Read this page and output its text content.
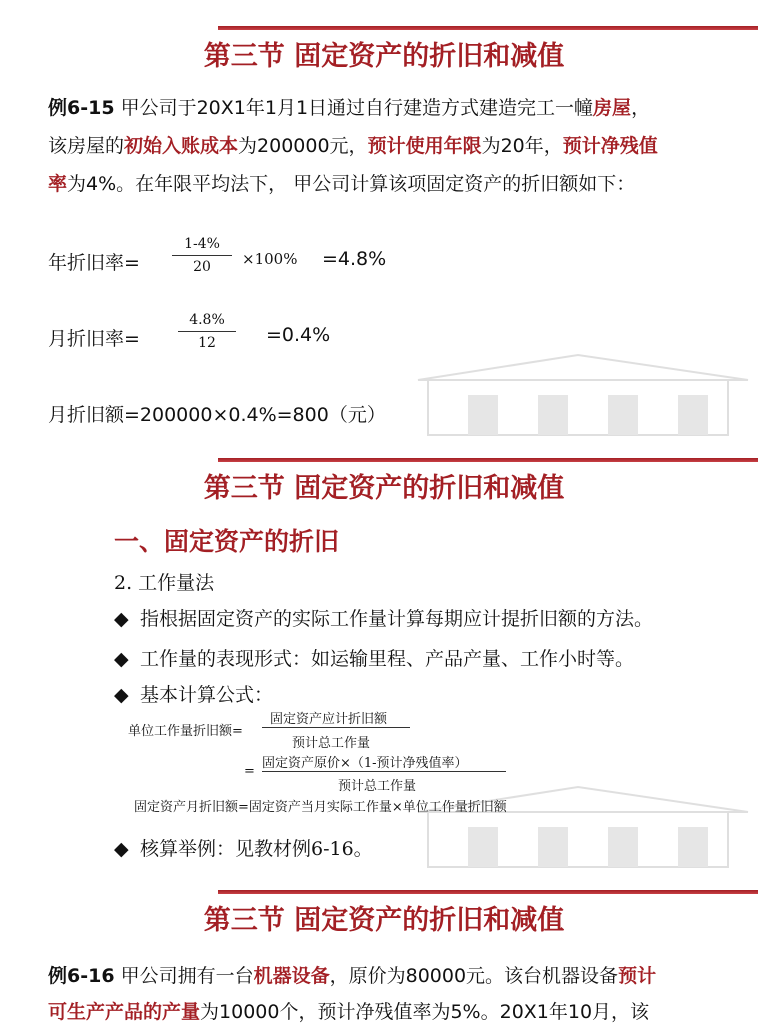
第三节 固定资产的折旧和减值
例6-15 甲公司于20X1年1月1日通过自行建造方式建造完工一幢房屋，
该房屋的初始入账成本为200000元，预计使用年限为20年，预计净残值
率为4%。在年限平均法下， 甲公司计算该项固定资产的折旧额如下：
年折旧率=
1-4%
20	×100% =4.8%
月折旧率=
4.8%
12	=0.4%
月折旧额=200000×0.4%=800（元）
第三节 固定资产的折旧和减值
一、固定资产的折旧
2. 工作量法
◆ 指根据固定资产的实际工作量计算每期应计提折旧额的方法。
◆ 工作量的表现形式：如运输里程、产品产量、工作小时等。
◆ 基本计算公式：
单位工作量折旧额=
固定资产应计折旧额
预计总工作量
=
固定资产原价×（1-预计净残值率）
预计总工作量
固定资产月折旧额=固定资产当月实际工作量×单位工作量折旧额
◆ 核算举例：见教材例6-16。
第三节 固定资产的折旧和减值
例6-16 甲公司拥有一台机器设备，原价为80000元。该台机器设备预计
可生产产品的产量为10000个，预计净残值率为5%。20X1年10月，该
